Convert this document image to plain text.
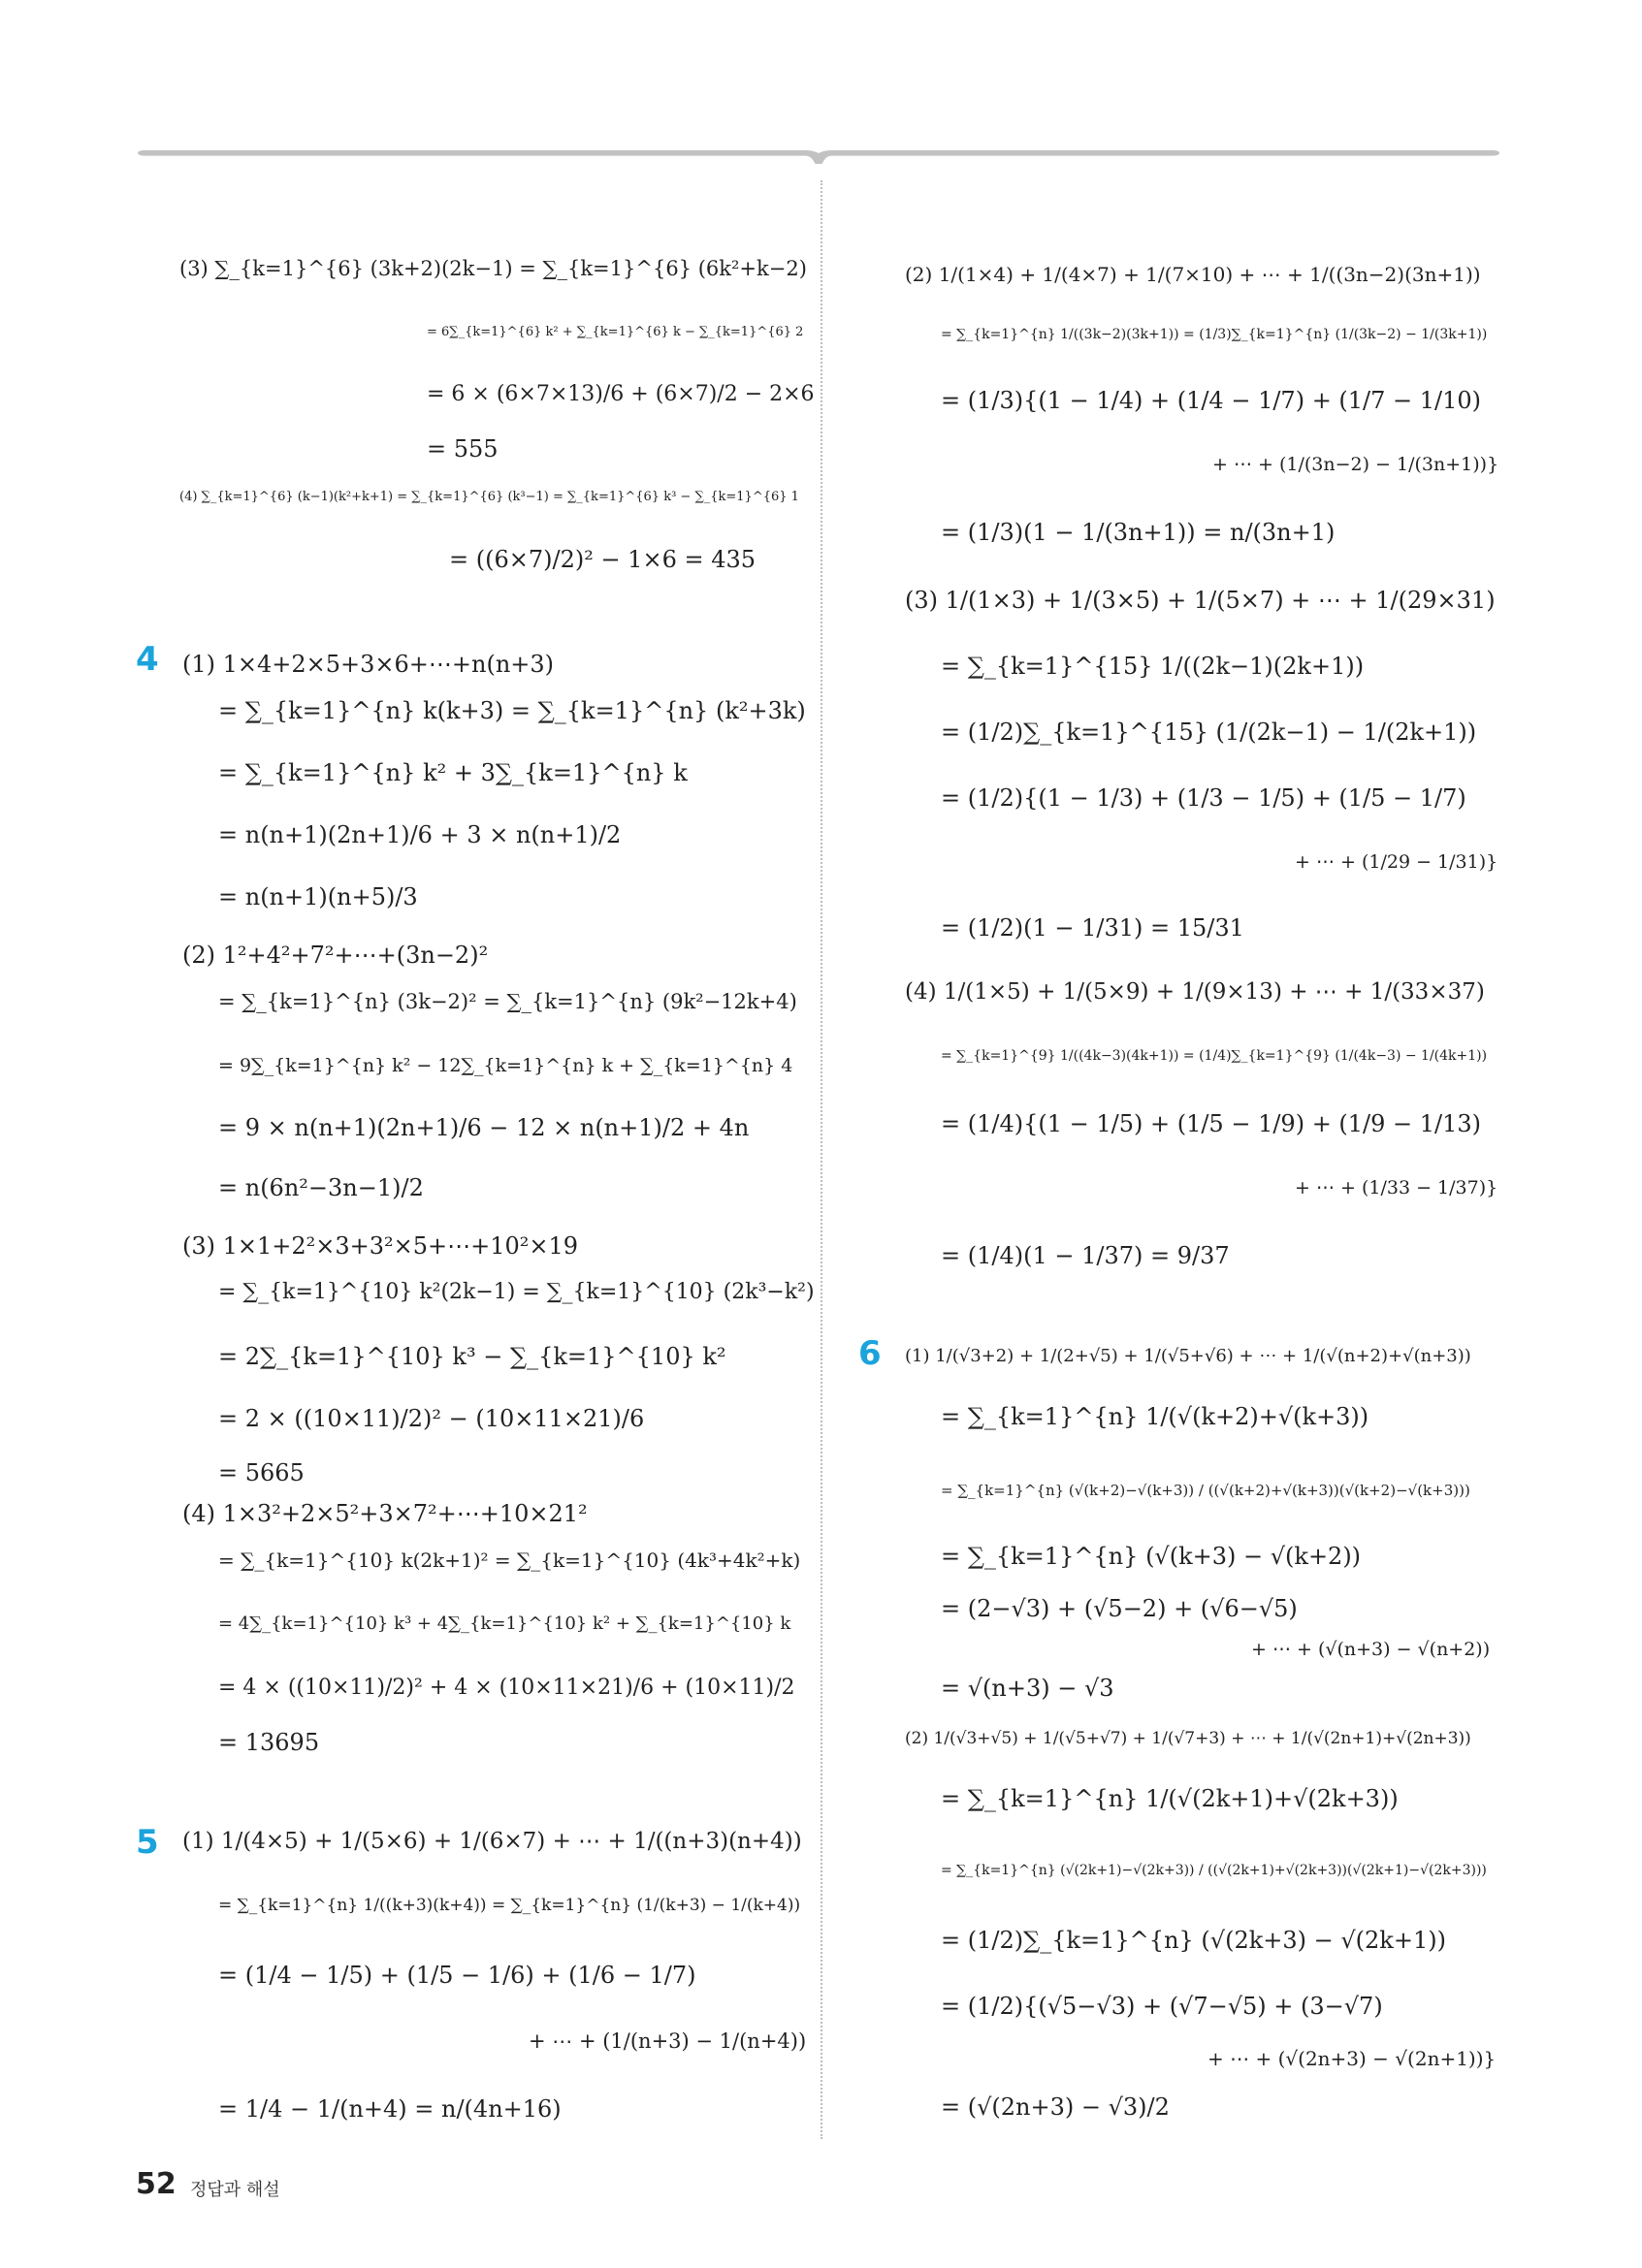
4
5
6
(3) ∑_{k=1}^{6} (3k+2)(2k−1) = ∑_{k=1}^{6} (6k²+k−2)
= 6∑_{k=1}^{6} k² + ∑_{k=1}^{6} k − ∑_{k=1}^{6} 2
= 6 × (6×7×13)/6 + (6×7)/2 − 2×6
= 555
(4) ∑_{k=1}^{6} (k−1)(k²+k+1) = ∑_{k=1}^{6} (k³−1) = ∑_{k=1}^{6} k³ − ∑_{k=1}^{6} 1
= ((6×7)/2)² − 1×6 = 435
(1) 1×4+2×5+3×6+⋯+n(n+3)
= ∑_{k=1}^{n} k(k+3) = ∑_{k=1}^{n} (k²+3k)
= ∑_{k=1}^{n} k² + 3∑_{k=1}^{n} k
= n(n+1)(2n+1)/6 + 3 × n(n+1)/2
= n(n+1)(n+5)/3
(2) 1²+4²+7²+⋯+(3n−2)²
= ∑_{k=1}^{n} (3k−2)² = ∑_{k=1}^{n} (9k²−12k+4)
= 9∑_{k=1}^{n} k² − 12∑_{k=1}^{n} k + ∑_{k=1}^{n} 4
= 9 × n(n+1)(2n+1)/6 − 12 × n(n+1)/2 + 4n
= n(6n²−3n−1)/2
(3) 1×1+2²×3+3²×5+⋯+10²×19
= ∑_{k=1}^{10} k²(2k−1) = ∑_{k=1}^{10} (2k³−k²)
= 2∑_{k=1}^{10} k³ − ∑_{k=1}^{10} k²
= 2 × ((10×11)/2)² − (10×11×21)/6
= 5665
(4) 1×3²+2×5²+3×7²+⋯+10×21²
= ∑_{k=1}^{10} k(2k+1)² = ∑_{k=1}^{10} (4k³+4k²+k)
= 4∑_{k=1}^{10} k³ + 4∑_{k=1}^{10} k² + ∑_{k=1}^{10} k
= 4 × ((10×11)/2)² + 4 × (10×11×21)/6 + (10×11)/2
= 13695
(1) 1/(4×5) + 1/(5×6) + 1/(6×7) + ⋯ + 1/((n+3)(n+4))
= ∑_{k=1}^{n} 1/((k+3)(k+4)) = ∑_{k=1}^{n} (1/(k+3) − 1/(k+4))
= (1/4 − 1/5) + (1/5 − 1/6) + (1/6 − 1/7)
+ ⋯ + (1/(n+3) − 1/(n+4))
= 1/4 − 1/(n+4) = n/(4n+16)
(2) 1/(1×4) + 1/(4×7) + 1/(7×10) + ⋯ + 1/((3n−2)(3n+1))
= ∑_{k=1}^{n} 1/((3k−2)(3k+1)) = (1/3)∑_{k=1}^{n} (1/(3k−2) − 1/(3k+1))
= (1/3){(1 − 1/4) + (1/4 − 1/7) + (1/7 − 1/10)
+ ⋯ + (1/(3n−2) − 1/(3n+1))}
= (1/3)(1 − 1/(3n+1)) = n/(3n+1)
(3) 1/(1×3) + 1/(3×5) + 1/(5×7) + ⋯ + 1/(29×31)
= ∑_{k=1}^{15} 1/((2k−1)(2k+1))
= (1/2)∑_{k=1}^{15} (1/(2k−1) − 1/(2k+1))
= (1/2){(1 − 1/3) + (1/3 − 1/5) + (1/5 − 1/7)
+ ⋯ + (1/29 − 1/31)}
= (1/2)(1 − 1/31) = 15/31
(4) 1/(1×5) + 1/(5×9) + 1/(9×13) + ⋯ + 1/(33×37)
= ∑_{k=1}^{9} 1/((4k−3)(4k+1)) = (1/4)∑_{k=1}^{9} (1/(4k−3) − 1/(4k+1))
= (1/4){(1 − 1/5) + (1/5 − 1/9) + (1/9 − 1/13)
+ ⋯ + (1/33 − 1/37)}
= (1/4)(1 − 1/37) = 9/37
(1) 1/(√3+2) + 1/(2+√5) + 1/(√5+√6) + ⋯ + 1/(√(n+2)+√(n+3))
= ∑_{k=1}^{n} 1/(√(k+2)+√(k+3))
= ∑_{k=1}^{n} (√(k+2)−√(k+3)) / ((√(k+2)+√(k+3))(√(k+2)−√(k+3)))
= ∑_{k=1}^{n} (√(k+3) − √(k+2))
= (2−√3) + (√5−2) + (√6−√5)
+ ⋯ + (√(n+3) − √(n+2))
= √(n+3) − √3
(2) 1/(√3+√5) + 1/(√5+√7) + 1/(√7+3) + ⋯ + 1/(√(2n+1)+√(2n+3))
= ∑_{k=1}^{n} 1/(√(2k+1)+√(2k+3))
= ∑_{k=1}^{n} (√(2k+1)−√(2k+3)) / ((√(2k+1)+√(2k+3))(√(2k+1)−√(2k+3)))
= (1/2)∑_{k=1}^{n} (√(2k+3) − √(2k+1))
= (1/2){(√5−√3) + (√7−√5) + (3−√7)
+ ⋯ + (√(2n+3) − √(2n+1))}
= (√(2n+3) − √3)/2
52 정답과 해설
